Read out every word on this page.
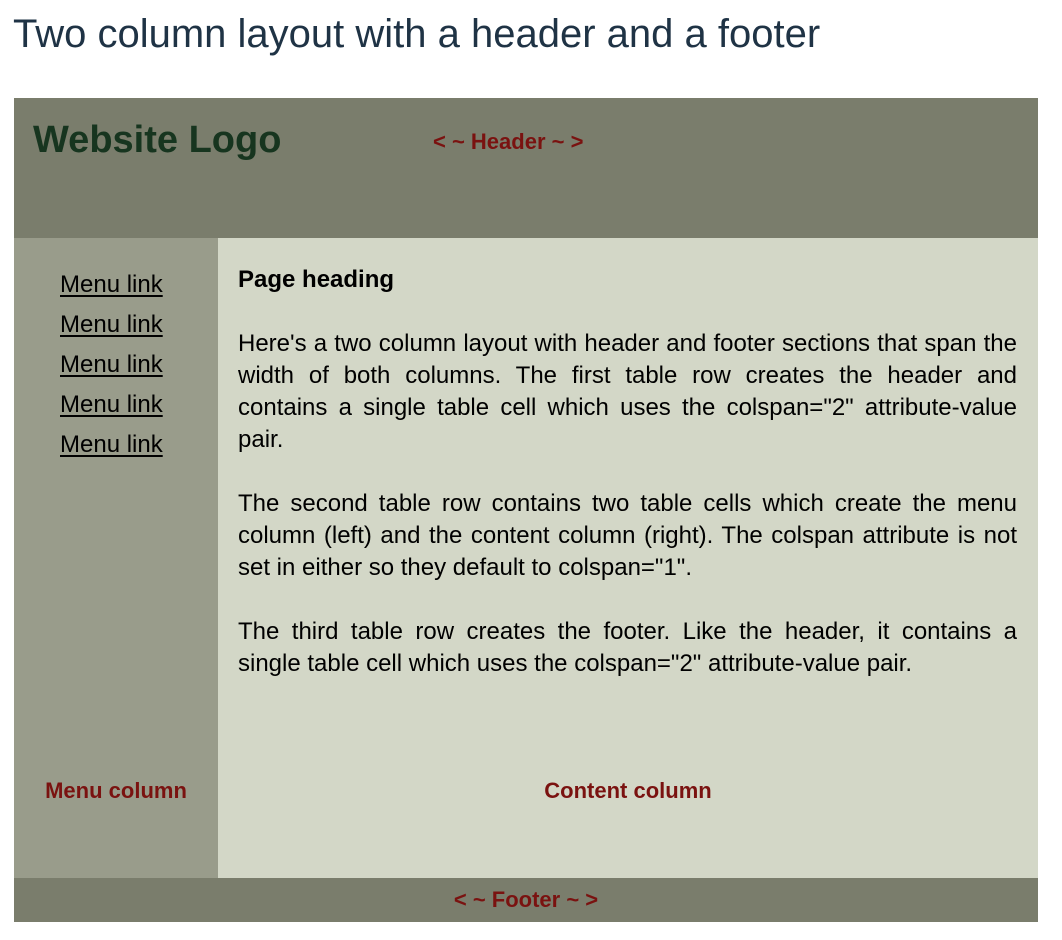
Two column layout with a header and a footer
Website Logo	< ~ Header ~ >
Menu link
Menu link
Menu link
Menu link
Menu link
Menu column
Page heading

Here's a two column layout with header and footer sections that span the width of both columns. The first table row creates the header and contains a single table cell which uses the colspan="2" attribute-value pair.

The second table row contains two table cells which create the menu column (left) and the content column (right). The colspan attribute is not set in either so they default to colspan="1".

The third table row creates the footer. Like the header, it contains a single table cell which uses the colspan="2" attribute-value pair.

Content column
< ~ Footer ~ >
